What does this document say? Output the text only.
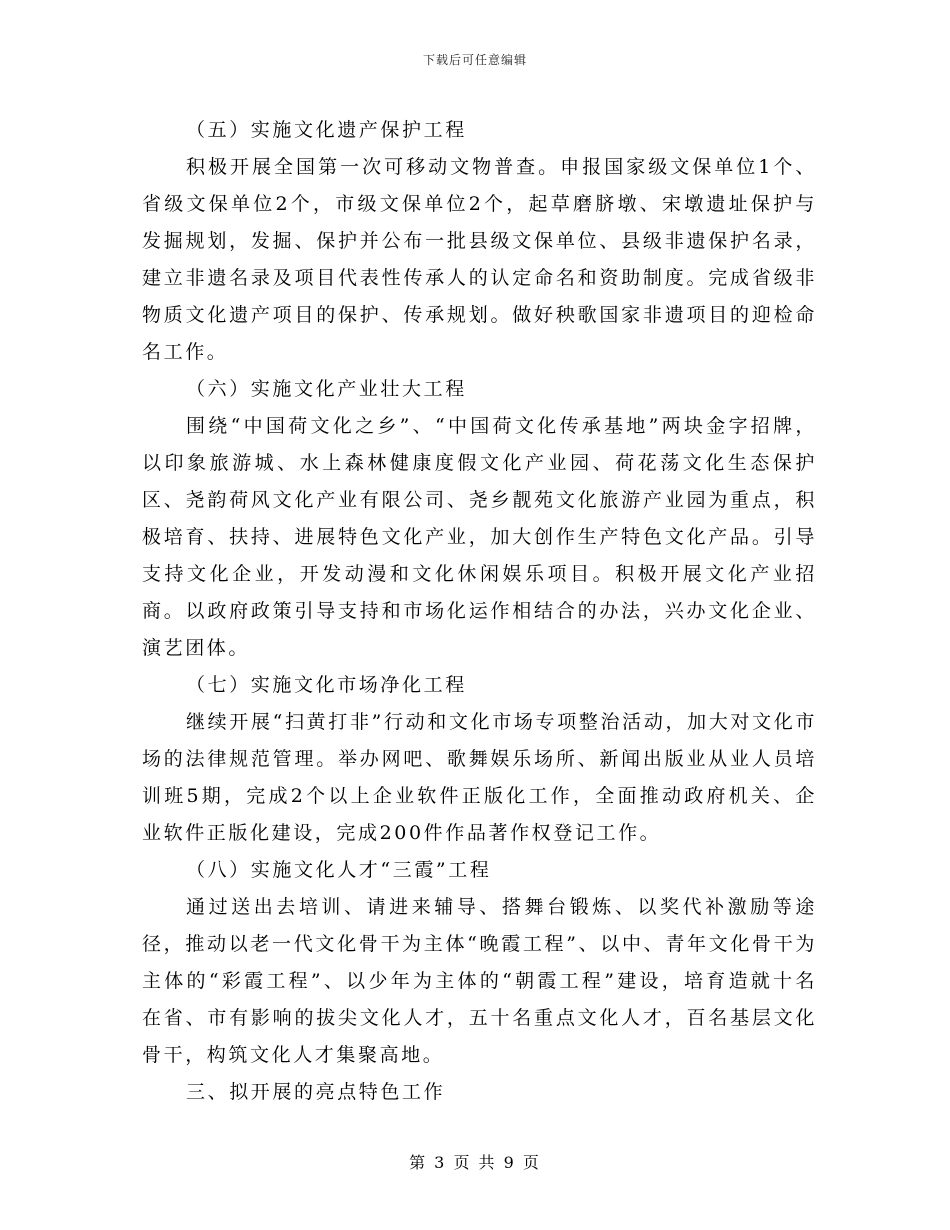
下载后可任意编辑

（五）实施文化遗产保护工程

积极开展全国第一次可移动文物普查。申报国家级文保单位1个、省级文保单位2个，市级文保单位2个，起草磨脐墩、宋墩遗址保护与发掘规划，发掘、保护并公布一批县级文保单位、县级非遗保护名录，建立非遗名录及项目代表性传承人的认定命名和资助制度。完成省级非物质文化遗产项目的保护、传承规划。做好秧歌国家非遗项目的迎检命名工作。

（六）实施文化产业壮大工程

围绕“中国荷文化之乡”、“中国荷文化传承基地”两块金字招牌，以印象旅游城、水上森林健康度假文化产业园、荷花荡文化生态保护区、尧韵荷风文化产业有限公司、尧乡靓苑文化旅游产业园为重点，积极培育、扶持、进展特色文化产业，加大创作生产特色文化产品。引导支持文化企业，开发动漫和文化休闲娱乐项目。积极开展文化产业招商。以政府政策引导支持和市场化运作相结合的办法，兴办文化企业、演艺团体。

（七）实施文化市场净化工程

继续开展“扫黄打非”行动和文化市场专项整治活动，加大对文化市场的法律规范管理。举办网吧、歌舞娱乐场所、新闻出版业从业人员培训班5期，完成2个以上企业软件正版化工作，全面推动政府机关、企业软件正版化建设，完成200件作品著作权登记工作。

（八）实施文化人才“三霞”工程

通过送出去培训、请进来辅导、搭舞台锻炼、以奖代补激励等途径，推动以老一代文化骨干为主体“晚霞工程”、以中、青年文化骨干为主体的“彩霞工程”、以少年为主体的“朝霞工程”建设，培育造就十名在省、市有影响的拔尖文化人才，五十名重点文化人才，百名基层文化骨干，构筑文化人才集聚高地。

三、拟开展的亮点特色工作

第 3 页 共 9 页
